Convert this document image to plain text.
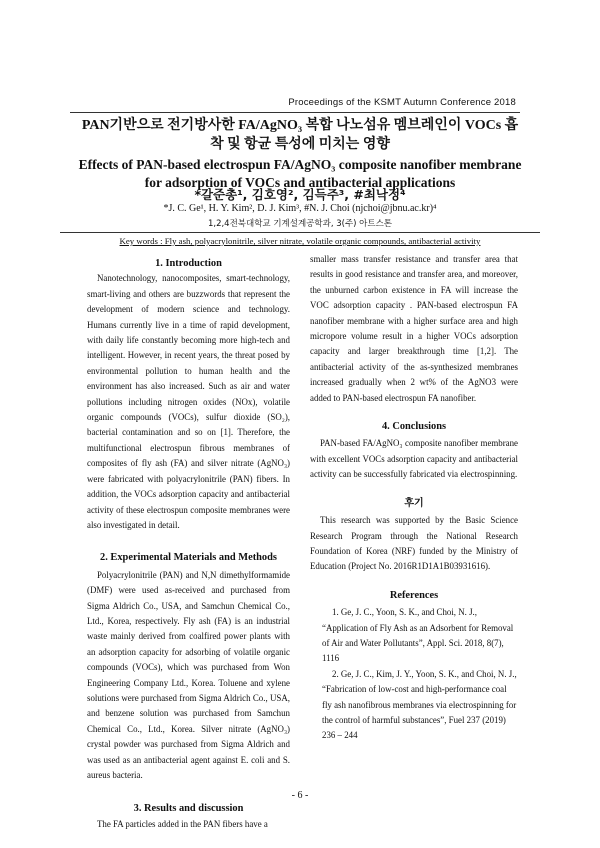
Proceedings of the KSMT Autumn Conference 2018
PAN기반으로 전기방사한 FA/AgNO₃ 복합 나노섬유 멤브레인이 VOCs 흡
착 및 항균 특성에 미치는 영향
Effects of PAN-based electrospun FA/AgNO₃ composite nanofiber membrane
for adsorption of VOCs and antibacterial applications
*갈준총¹, 김호영², 김득주³, #최낙정⁴
*J. C. Ge¹, H. Y. Kim², D. J. Kim³, #N. J. Choi (njchoi@jbnu.ac.kr)⁴
1,2,4전북대학교 기계설계공학과, 3(주) 아트스톤
Key words : Fly ash, polyacrylonitrile, silver nitrate, volatile organic compounds, antibacterial activity
1. Introduction

Nanotechnology, nanocomposites, smart-technology, smart-living and others are buzzwords that represent the development of modern science and technology. Humans currently live in a time of rapid development, with daily life constantly becoming more high-tech and intelligent. However, in recent years, the threat posed by environmental pollution to human health and the environment has also increased. Such as air and water pollutions including nitrogen oxides (NOx), volatile organic compounds (VOCs), sulfur dioxide (SO₂), bacterial contamination and so on [1]. Therefore, the multifunctional electrospun fibrous membranes of composites of fly ash (FA) and silver nitrate (AgNO₃) were fabricated with polyacrylonitrile (PAN) fibers. In addition, the VOCs adsorption capacity and antibacterial activity of these electrospun composite membranes were also investigated in detail.

2. Experimental Materials and Methods

Polyacrylonitrile (PAN) and N,N dimethylformamide (DMF) were used as-received and purchased from Sigma Aldrich Co., USA, and Samchun Chemical Co., Ltd., Korea, respectively. Fly ash (FA) is an industrial waste mainly derived from coalfired power plants with an adsorption capacity for adsorbing of volatile organic compounds (VOCs), which was purchased from Won Engineering Company Ltd., Korea. Toluene and xylene solutions were purchased from Sigma Aldrich Co., USA, and benzene solution was purchased from Samchun Chemical Co., Ltd., Korea. Silver nitrate (AgNO₃) crystal powder was purchased from Sigma Aldrich and was used as an antibacterial agent against E. coli and S. aureus bacteria.

3. Results and discussion

The FA particles added in the PAN fibers have a

smaller mass transfer resistance and transfer area that results in good resistance and transfer area, and moreover, the unburned carbon existence in FA will increase the VOC adsorption capacity . PAN-based electrospun FA nanofiber membrane with a higher surface area and high micropore volume result in a higher VOCs adsorption capacity and larger breakthrough time [1,2]. The antibacterial activity of the as-synthesized membranes increased gradually when 2 wt% of the AgNO3 were added to PAN-based electrospun FA nanofiber.

4. Conclusions

PAN-based FA/AgNO₃ composite nanofiber membrane with excellent VOCs adsorption capacity and antibacterial activity can be successfully fabricated via electrospinning.

후기

This research was supported by the Basic Science Research Program through the National Research Foundation of Korea (NRF) funded by the Ministry of Education (Project No. 2016R1D1A1B03931616).

References

1. Ge, J. C., Yoon, S. K., and Choi, N. J., “Application of Fly Ash as an Adsorbent for Removal of Air and Water Pollutants”, Appl. Sci. 2018, 8(7), 1116

2. Ge, J. C., Kim, J. Y., Yoon, S. K., and Choi, N. J., “Fabrication of low-cost and high-performance coal fly ash nanofibrous membranes via electrospinning for the control of harmful substances”, Fuel 237 (2019) 236 – 244

- 6 -
